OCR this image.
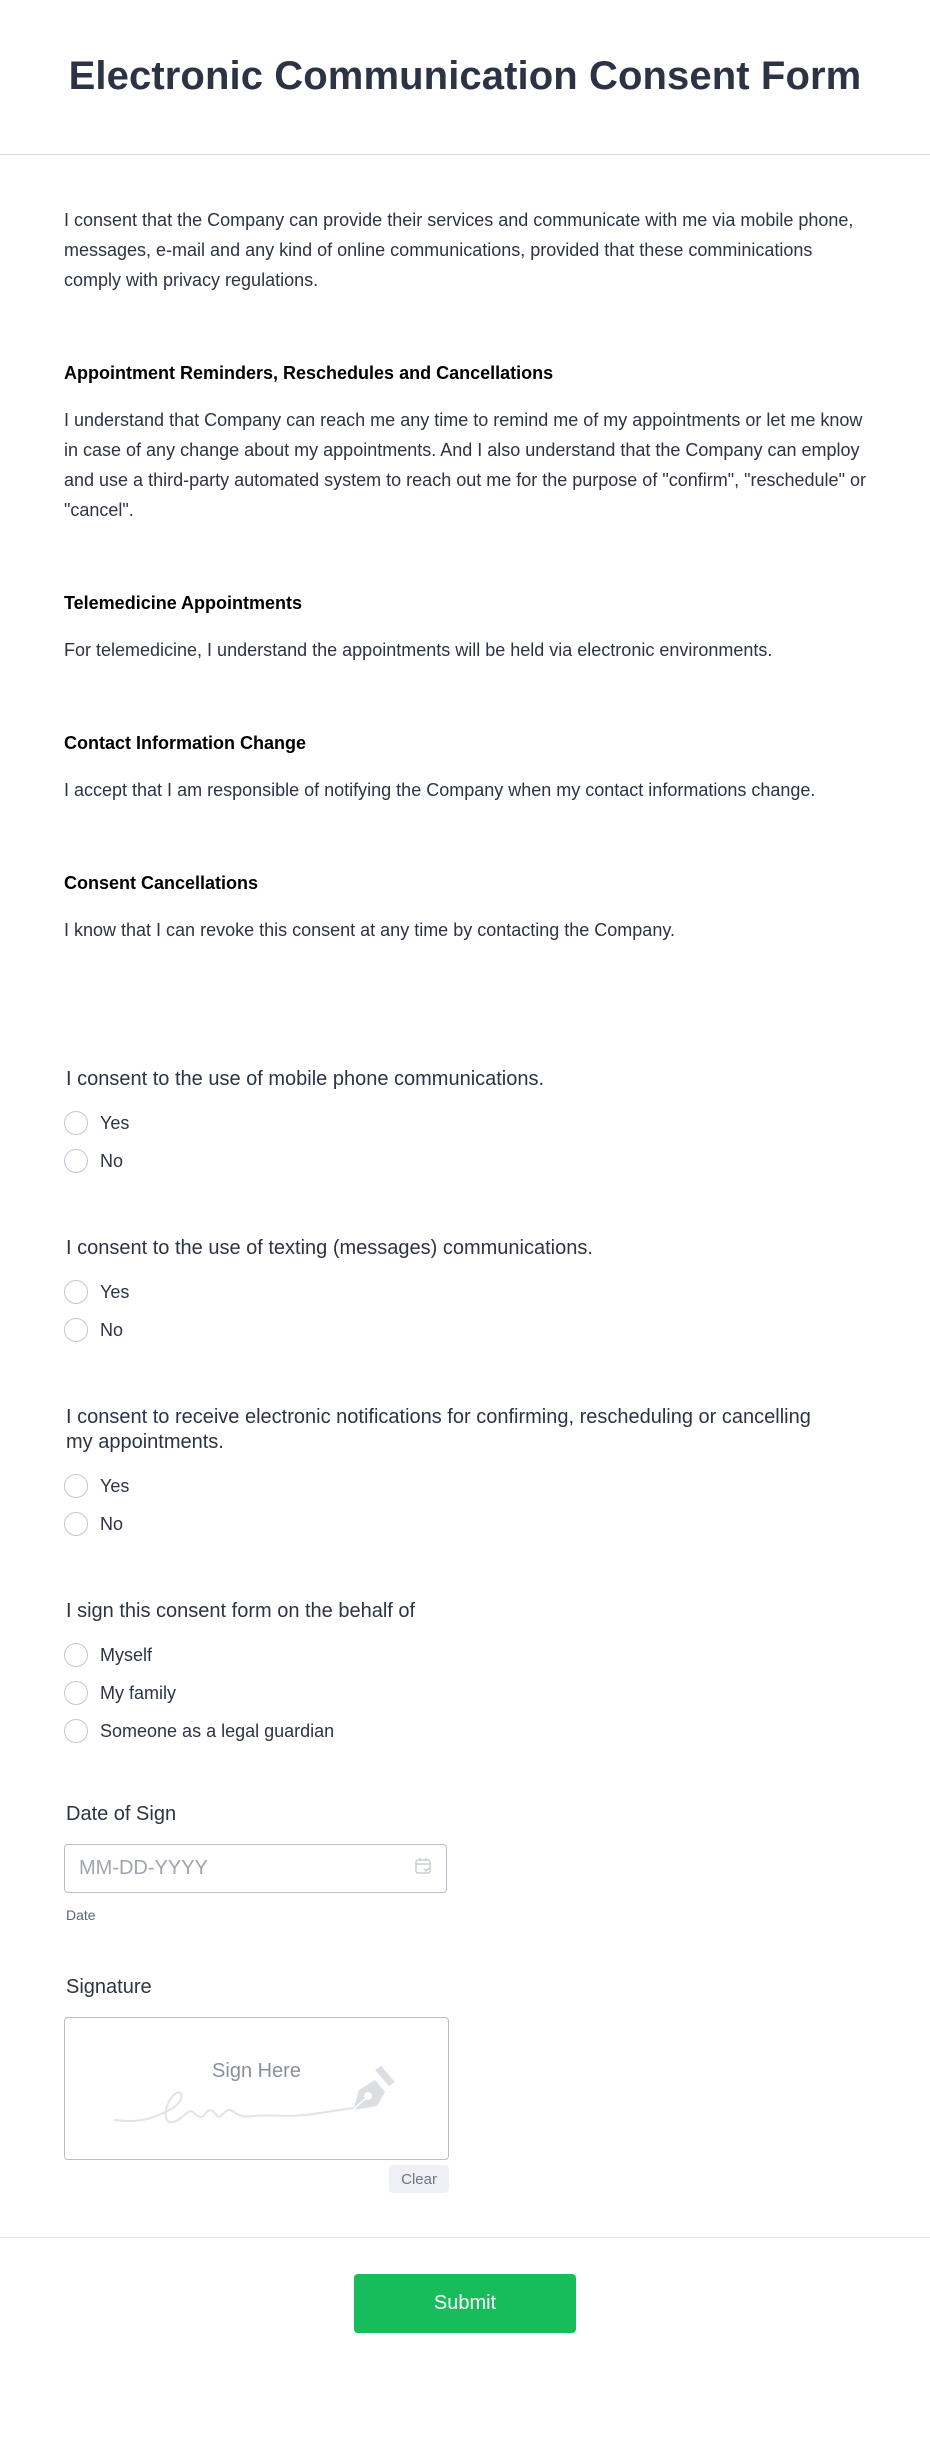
Electronic Communication Consent Form

I consent that the Company can provide their services and communicate with me via mobile phone, messages, e-mail and any kind of online communications, provided that these comminications comply with privacy regulations.

Appointment Reminders, Reschedules and Cancellations

I understand that Company can reach me any time to remind me of my appointments or let me know in case of any change about my appointments. And I also understand that the Company can employ and use a third-party automated system to reach out me for the purpose of "confirm", "reschedule" or "cancel".

Telemedicine Appointments

For telemedicine, I understand the appointments will be held via electronic environments.

Contact Information Change

I accept that I am responsible of notifying the Company when my contact informations change.

Consent Cancellations

I know that I can revoke this consent at any time by contacting the Company.

I consent to the use of mobile phone communications.
Yes
No
I consent to the use of texting (messages) communications.
Yes
No
I consent to receive electronic notifications for confirming, rescheduling or cancelling my appointments.
Yes
No
I sign this consent form on the behalf of
Myself
My family
Someone as a legal guardian
Date of Sign
MM-DD-YYYY
Date
Signature
Sign Here
Clear
Submit
